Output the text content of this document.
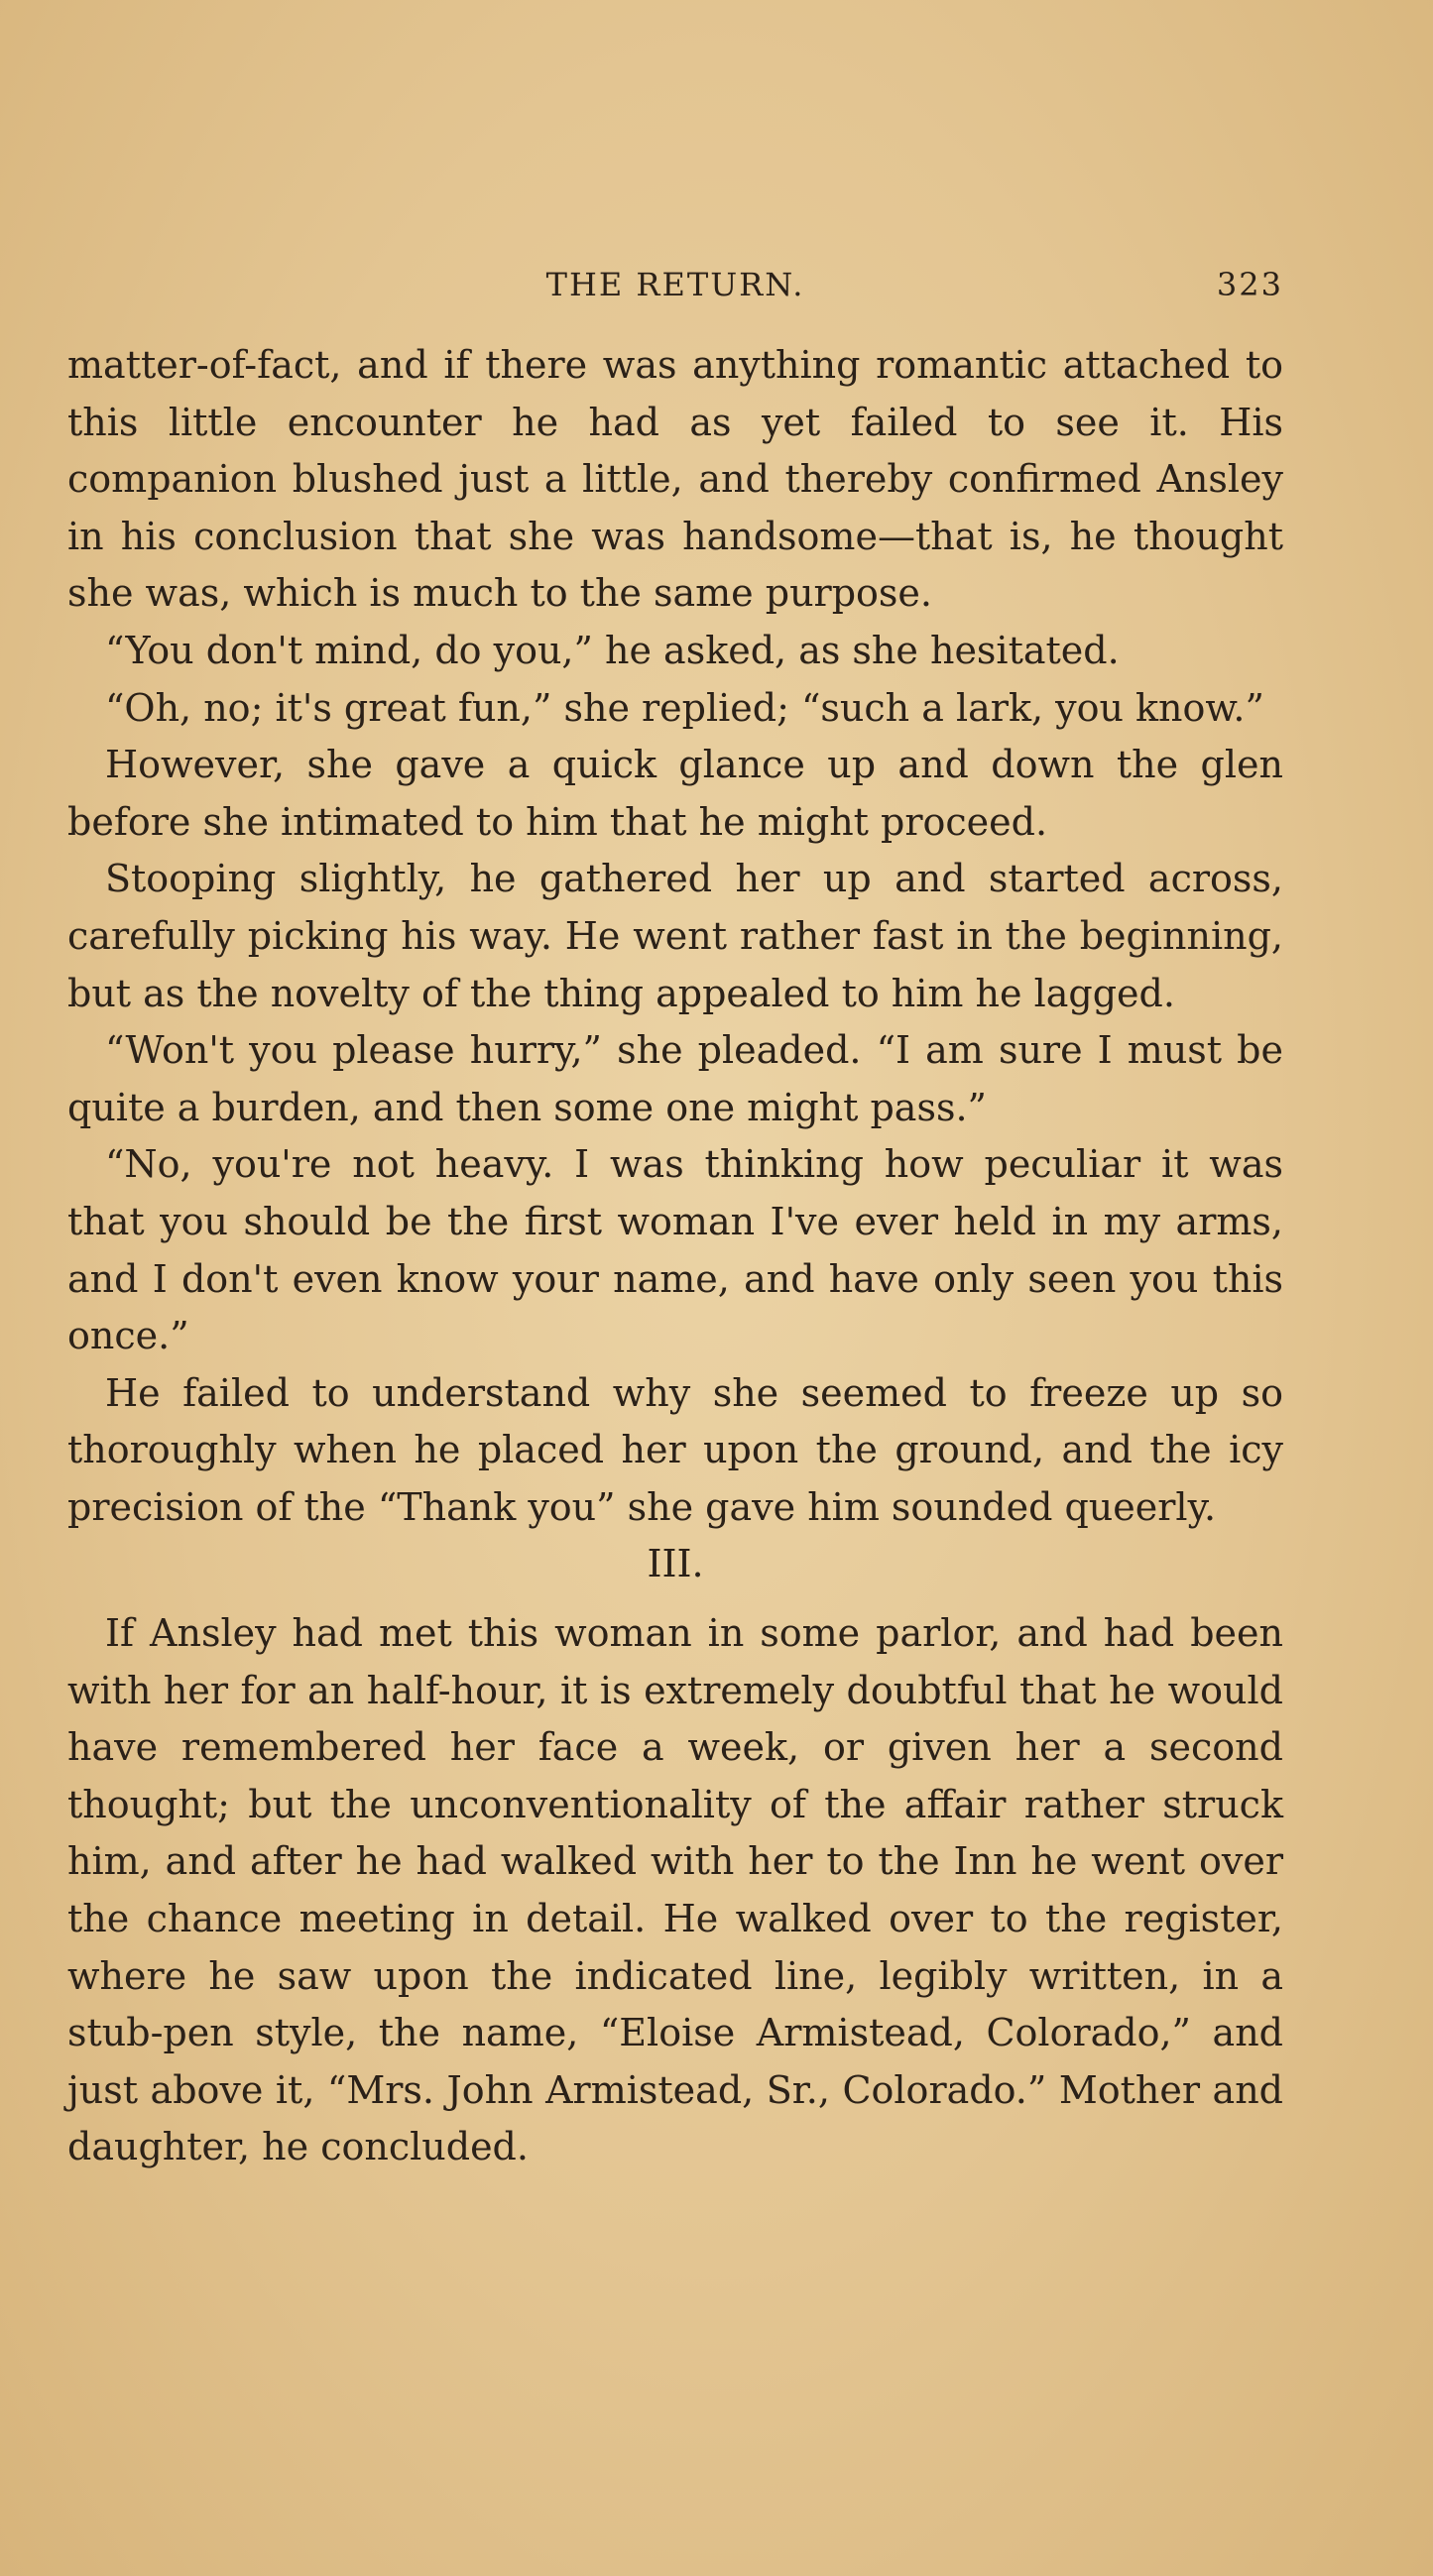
THE RETURN.	323

matter-of-fact, and if there was anything romantic attached to this little encounter he had as yet failed to see it. His companion blushed just a little, and thereby confirmed Ansley in his conclusion that she was handsome—that is, he thought she was, which is much to the same purpose.

“You don't mind, do you,” he asked, as she hesitated.

“Oh, no; it's great fun,” she replied; “such a lark, you know.”

However, she gave a quick glance up and down the glen before she intimated to him that he might proceed.

Stooping slightly, he gathered her up and started across, carefully picking his way. He went rather fast in the beginning, but as the novelty of the thing appealed to him he lagged.

“Won't you please hurry,” she pleaded. “I am sure I must be quite a burden, and then some one might pass.”

“No, you're not heavy. I was thinking how peculiar it was that you should be the first woman I've ever held in my arms, and I don't even know your name, and have only seen you this once.”

He failed to understand why she seemed to freeze up so thoroughly when he placed her upon the ground, and the icy precision of the “Thank you” she gave him sounded queerly.

III.

If Ansley had met this woman in some parlor, and had been with her for an half-hour, it is extremely doubtful that he would have remembered her face a week, or given her a second thought; but the unconventionality of the affair rather struck him, and after he had walked with her to the Inn he went over the chance meeting in detail. He walked over to the register, where he saw upon the indicated line, legibly written, in a stub-pen style, the name, “Eloise Armistead, Colorado,” and just above it, “Mrs. John Armistead, Sr., Colorado.” Mother and daughter, he concluded.
